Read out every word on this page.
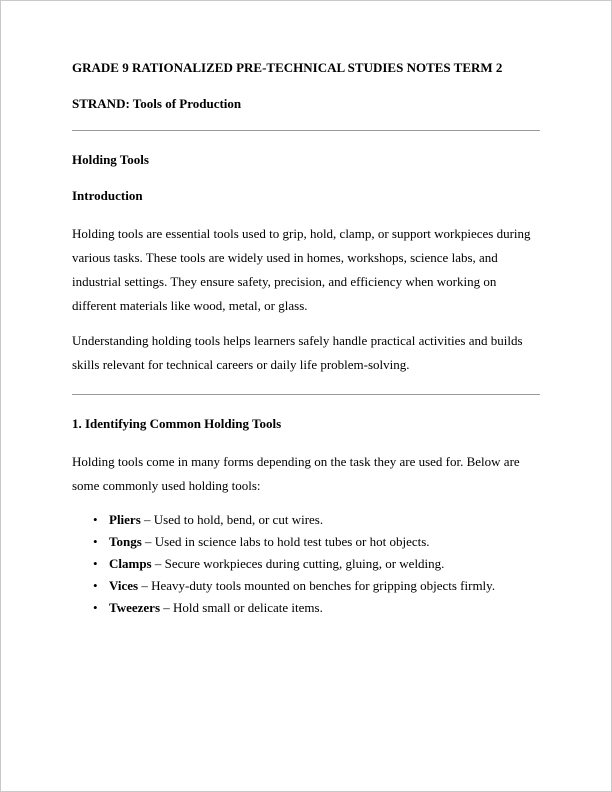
GRADE 9 RATIONALIZED PRE-TECHNICAL STUDIES NOTES TERM 2

STRAND: Tools of Production

Holding Tools

Introduction

Holding tools are essential tools used to grip, hold, clamp, or support workpieces during various tasks. These tools are widely used in homes, workshops, science labs, and industrial settings. They ensure safety, precision, and efficiency when working on different materials like wood, metal, or glass.

Understanding holding tools helps learners safely handle practical activities and builds skills relevant for technical careers or daily life problem-solving.

1. Identifying Common Holding Tools

Holding tools come in many forms depending on the task they are used for. Below are some commonly used holding tools:

• Pliers – Used to hold, bend, or cut wires.
• Tongs – Used in science labs to hold test tubes or hot objects.
• Clamps – Secure workpieces during cutting, gluing, or welding.
• Vices – Heavy-duty tools mounted on benches for gripping objects firmly.
• Tweezers – Hold small or delicate items.
